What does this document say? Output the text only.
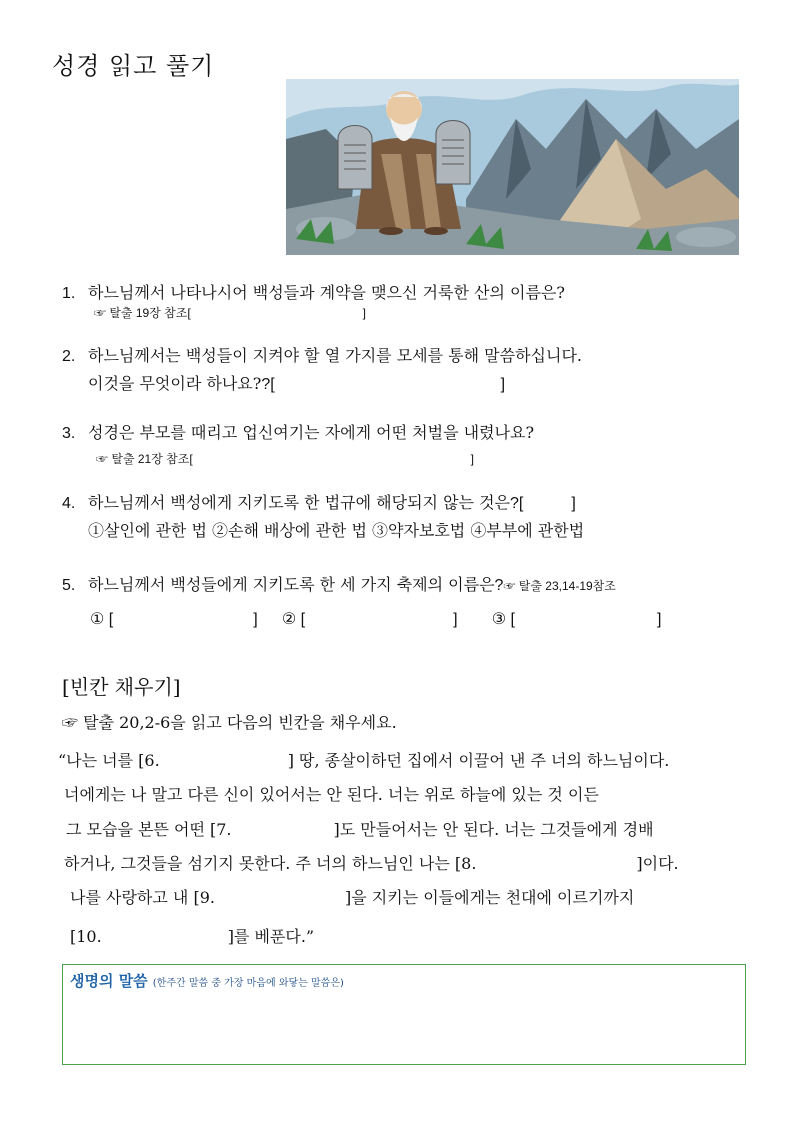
성경 읽고 풀기
1. 하느님께서 나타나시어 백성들과 계약을 맺으신 거룩한 산의 이름은?
☞ 탈출 19장 참조[	]
2. 하느님께서는 백성들이 지켜야 할 열 가지를 모세를 통해 말씀하십니다.
이것을 무엇이라 하나요??[	]
3. 성경은 부모를 때리고 업신여기는 자에게 어떤 처벌을 내렸나요?
☞ 탈출 21장 참조[	]
4. 하느님께서 백성에게 지키도록 한 법규에 해당되지 않는 것은?[	]
①살인에 관한 법 ②손해 배상에 관한 법 ③약자보호법 ④부부에 관한법
5. 하느님께서 백성들에게 지키도록 한 세 가지 축제의 이름은?☞ 탈출 23,14-19참조
① [	] ② [	] ③ [	]
[빈칸 채우기]
☞ 탈출 20,2-6을 읽고 다음의 빈칸을 채우세요.
“나는 너를 [6.	] 땅, 종살이하던 집에서 이끌어 낸 주 너의 하느님이다.
너에게는 나 말고 다른 신이 있어서는 안 된다. 너는 위로 하늘에 있는 것 이든
그 모습을 본뜬 어떤 [7.	]도 만들어서는 안 된다. 너는 그것들에게 경배
하거나, 그것들을 섬기지 못한다. 주 너의 하느님인 나는 [8.	]이다.
나를 사랑하고 내 [9.	]을 지키는 이들에게는 천대에 이르기까지
[10.	]를 베푼다.”
생명의 말씀 (한주간 말씀 중 가장 마음에 와닿는 말씀은)
